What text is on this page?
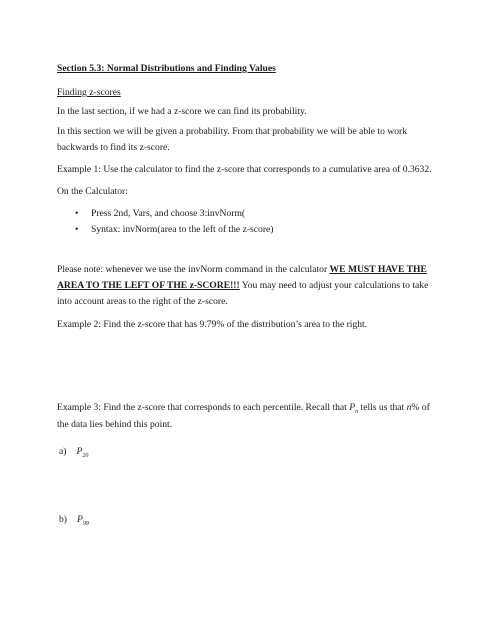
Section 5.3: Normal Distributions and Finding Values
Finding z-scores
In the last section, if we had a z-score we can find its probability.
In this section we will be given a probability. From that probability we will be able to work
backwards to find its z-score.
Example 1: Use the calculator to find the z-score that corresponds to a cumulative area of 0.3632.
On the Calculator:
• Press 2nd, Vars, and choose 3:invNorm(
• Syntax: invNorm(area to the left of the z-score)
Please note: whenever we use the invNorm command in the calculator WE MUST HAVE THE
AREA TO THE LEFT OF THE z-SCORE!!! You may need to adjust your calculations to take
into account areas to the right of the z-score.
Example 2: Find the z-score that has 9.79% of the distribution’s area to the right.
Example 3: Find the z-score that corresponds to each percentile. Recall that $P_n$ tells us that n% of
the data lies behind this point.
a) $P_{20}$
b) $P_{99}$
